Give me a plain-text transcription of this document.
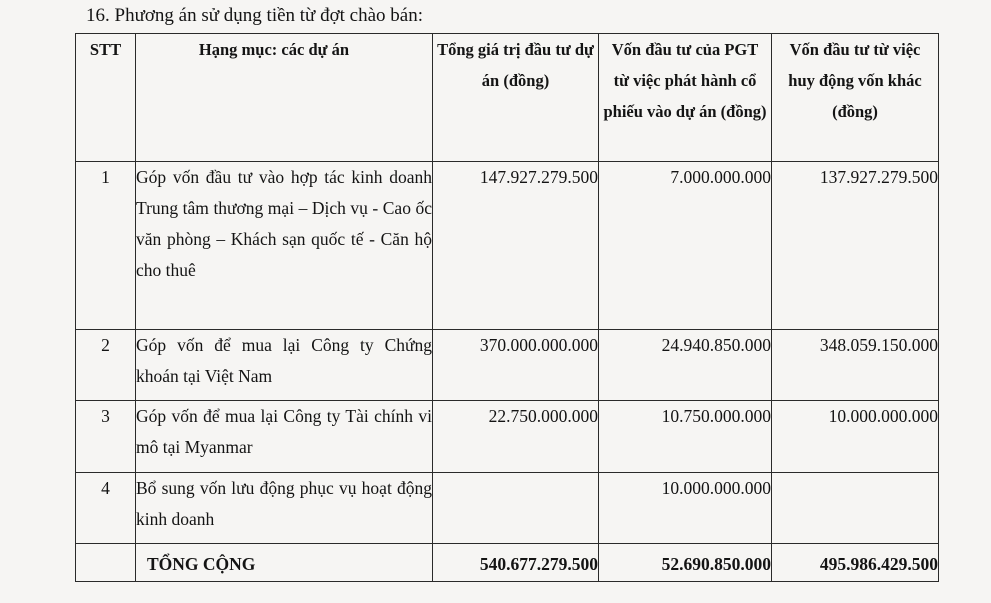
16. Phương án sử dụng tiền từ đợt chào bán:
STT	Hạng mục: các dự án	Tổng giá trị đầu tư dự án (đồng)	Vốn đầu tư của PGT từ việc phát hành cổ phiếu vào dự án (đồng)	Vốn đầu tư từ việc huy động vốn khác (đồng)
1	Góp vốn đầu tư vào hợp tác kinh doanh Trung tâm thương mại – Dịch vụ - Cao ốc văn phòng – Khách sạn quốc tế - Căn hộ cho thuê	147.927.279.500	7.000.000.000	137.927.279.500
2	Góp vốn để mua lại Công ty Chứng khoán tại Việt Nam	370.000.000.000	24.940.850.000	348.059.150.000
3	Góp vốn để mua lại Công ty Tài chính vi mô tại Myanmar	22.750.000.000	10.750.000.000	10.000.000.000
4	Bổ sung vốn lưu động phục vụ hoạt động kinh doanh		10.000.000.000	
	TỔNG CỘNG	540.677.279.500	52.690.850.000	495.986.429.500
